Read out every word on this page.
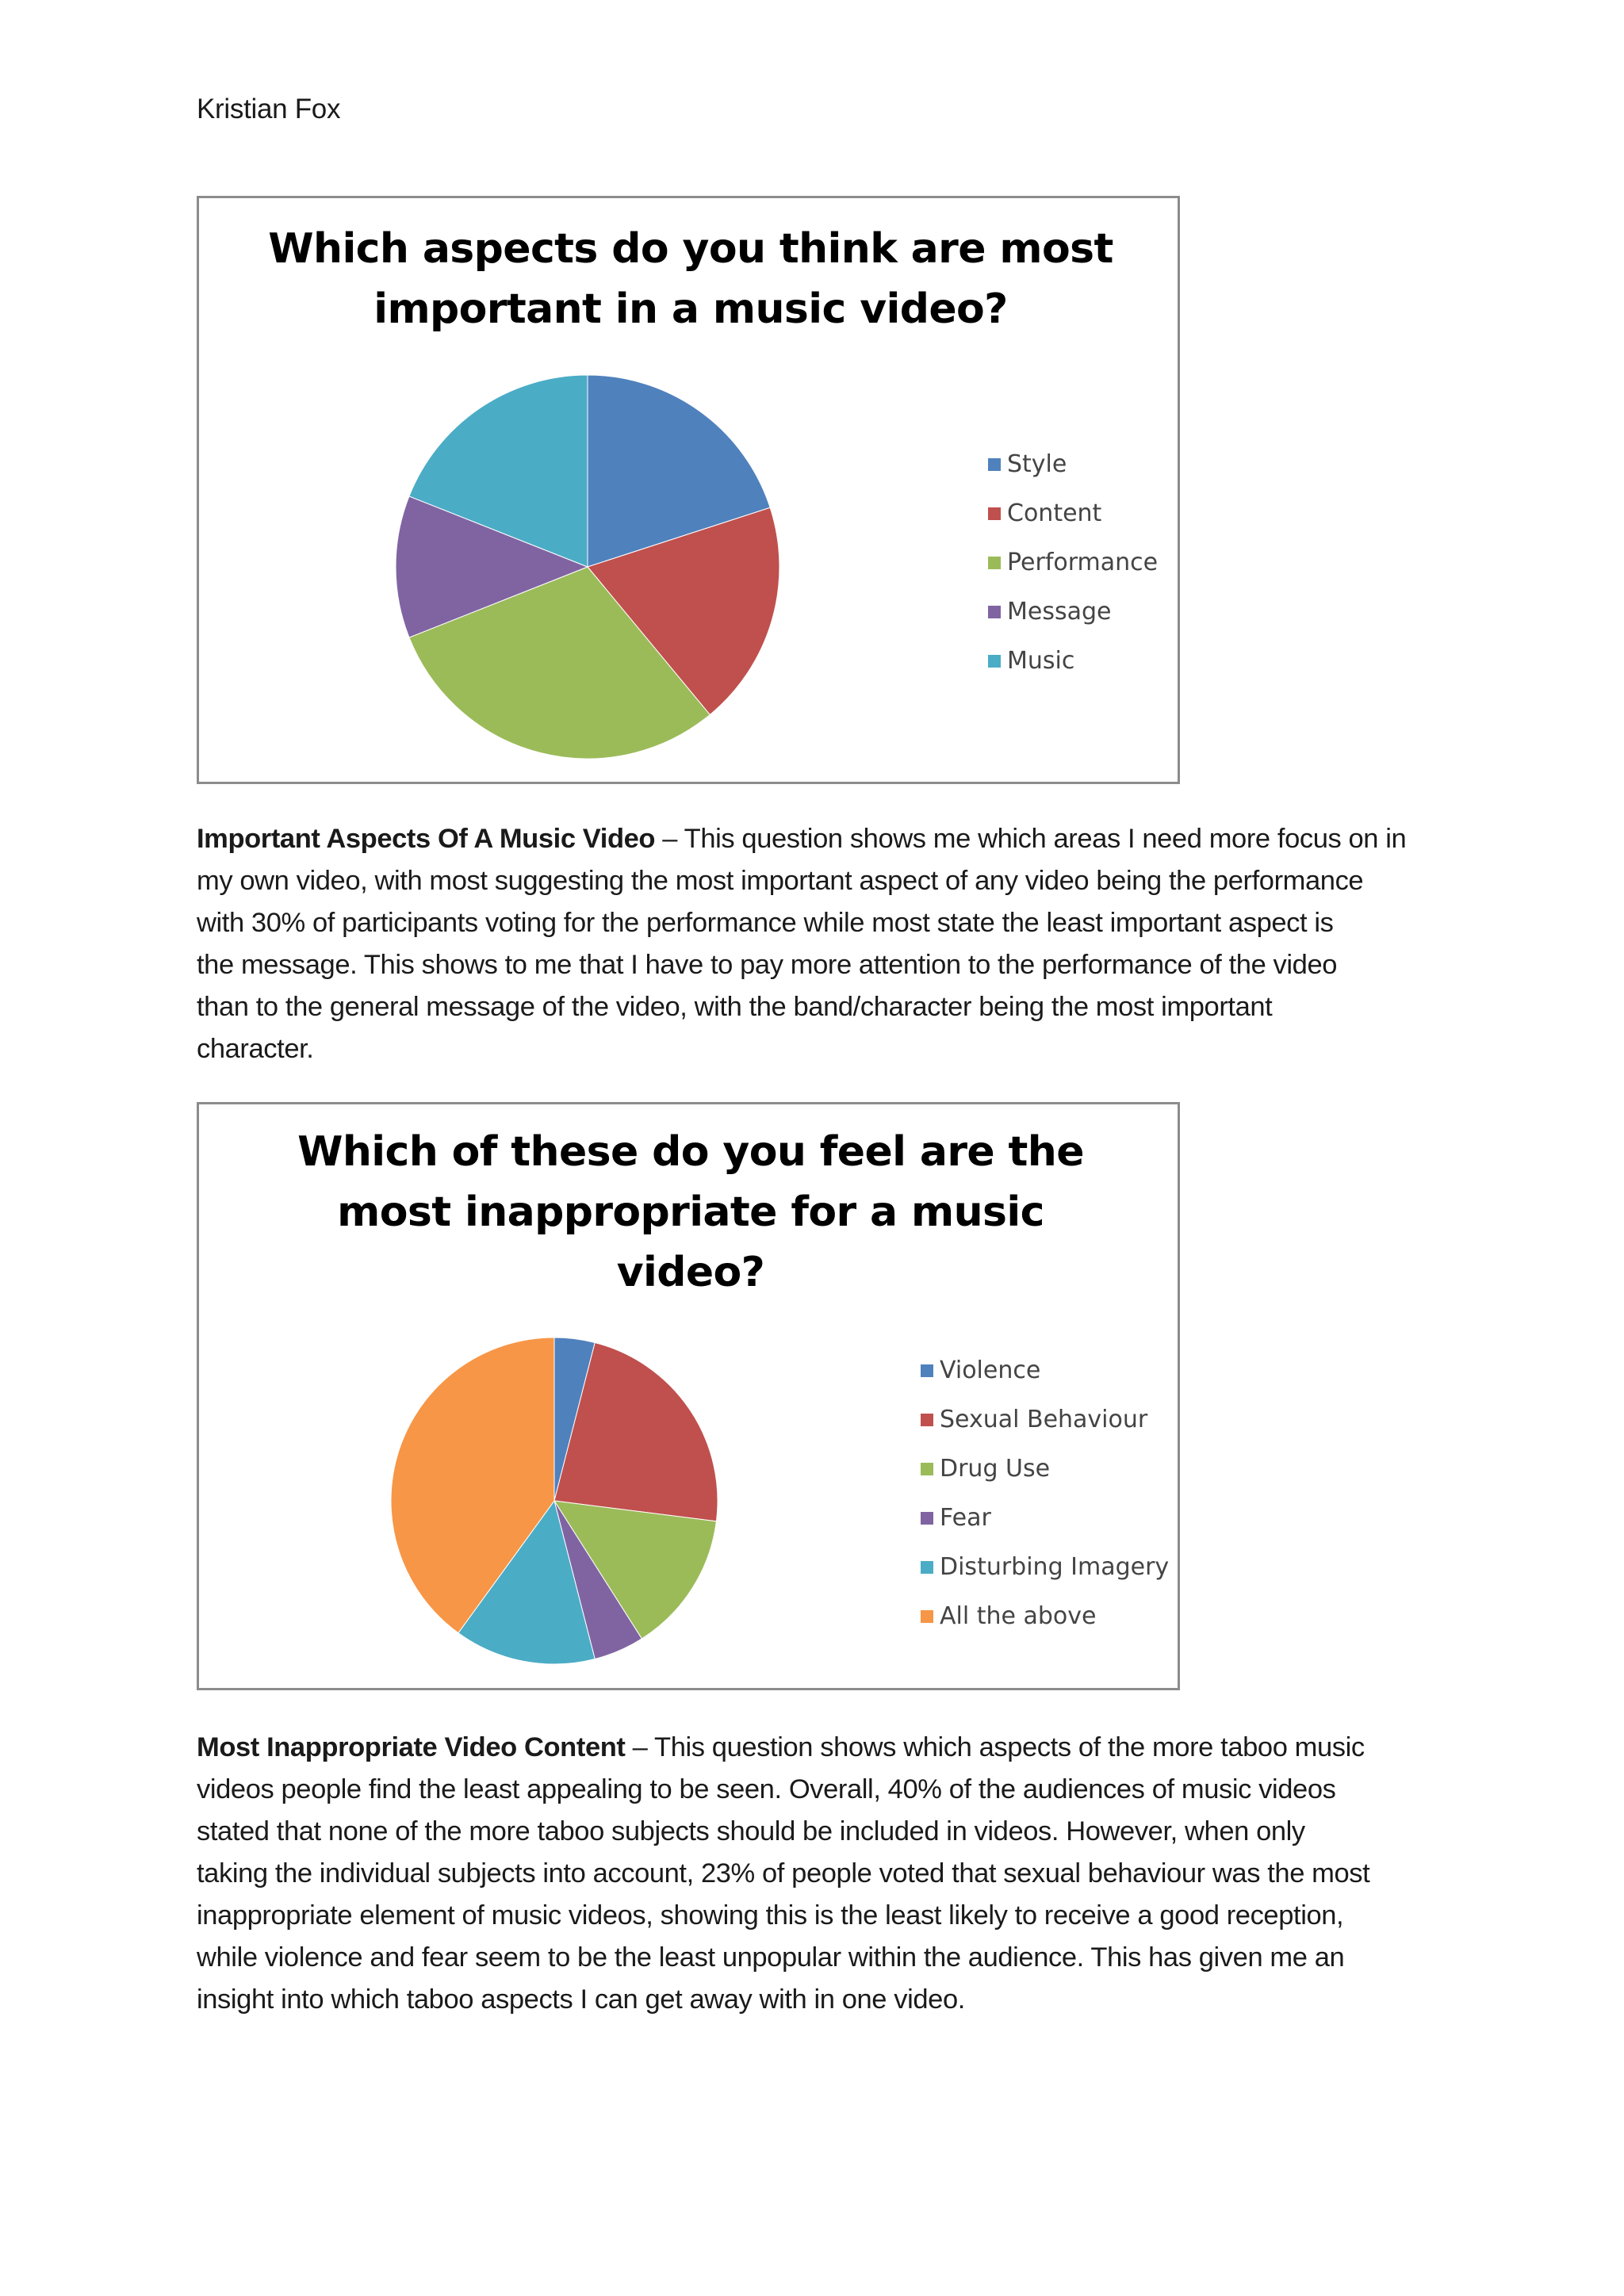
Kristian Fox
Which aspects do you think are most
important in a music video?
Style
Content
Performance
Message
Music
Important Aspects Of A Music Video – This question shows me which areas I need more focus on in
my own video, with most suggesting the most important aspect of any video being the performance
with 30% of participants voting for the performance while most state the least important aspect is
the message. This shows to me that I have to pay more attention to the performance of the video
than to the general message of the video, with the band/character being the most important
character.
Which of these do you feel are the
most inappropriate for a music
video?
Violence
Sexual Behaviour
Drug Use
Fear
Disturbing Imagery
All the above
Most Inappropriate Video Content – This question shows which aspects of the more taboo music
videos people find the least appealing to be seen. Overall, 40% of the audiences of music videos
stated that none of the more taboo subjects should be included in videos. However, when only
taking the individual subjects into account, 23% of people voted that sexual behaviour was the most
inappropriate element of music videos, showing this is the least likely to receive a good reception,
while violence and fear seem to be the least unpopular within the audience. This has given me an
insight into which taboo aspects I can get away with in one video.
